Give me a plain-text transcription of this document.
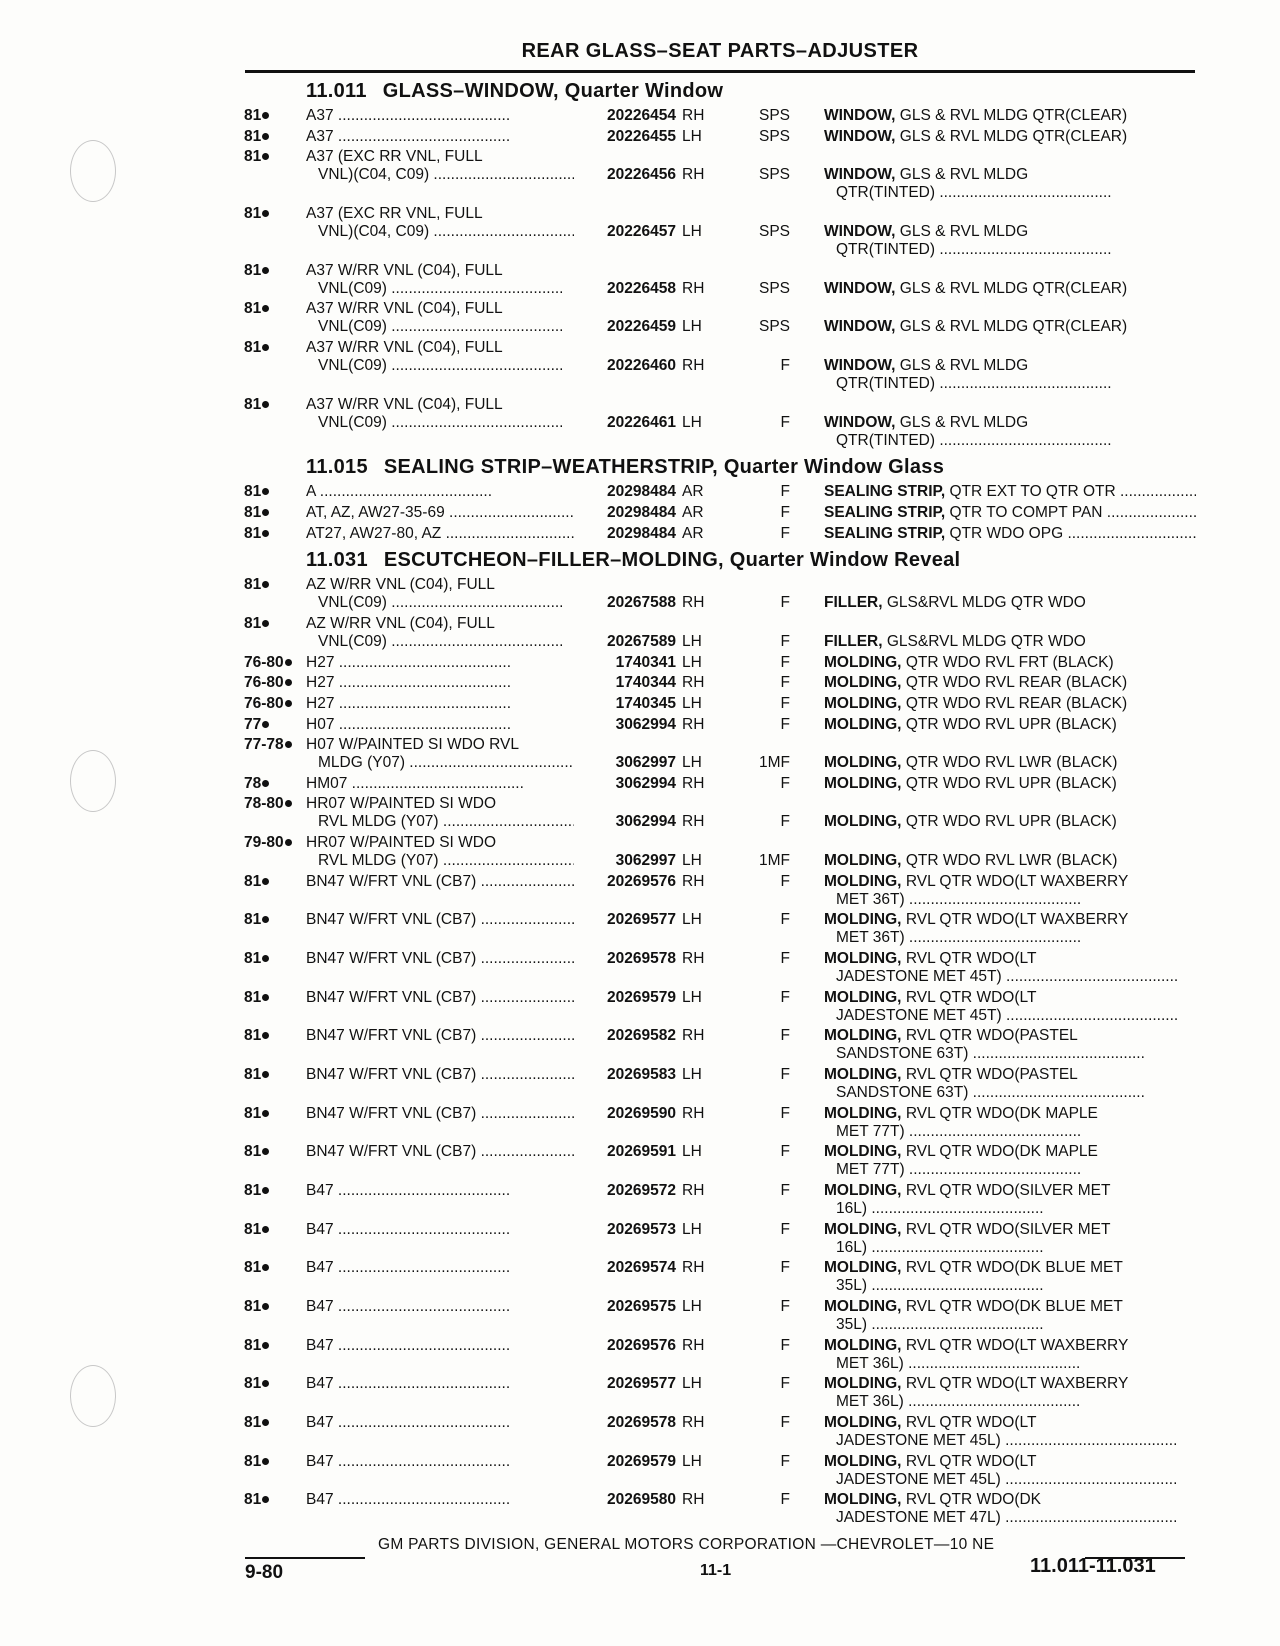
REAR GLASS–SEAT PARTS–ADJUSTER
11.011 GLASS–WINDOW, Quarter Window
81	A37 .....	20226454 RH	SPS WINDOW, GLS & RVL MLDG QTR(CLEAR)
81	A37 .....	20226455 LH	SPS WINDOW, GLS & RVL MLDG QTR(CLEAR)
81	A37 (EXC RR VNL, FULL
VNL)(C04, C09) .....	20226456 RH	SPS WINDOW, GLS & RVL MLDG
QTR(TINTED) .....
81	A37 (EXC RR VNL, FULL
VNL)(C04, C09) .....	20226457 LH	SPS WINDOW, GLS & RVL MLDG
QTR(TINTED) .....
81	A37 W/RR VNL (C04), FULL
VNL(C09) .....	20226458 RH	SPS WINDOW, GLS & RVL MLDG QTR(CLEAR)
81	A37 W/RR VNL (C04), FULL
VNL(C09) .....	20226459 LH	SPS WINDOW, GLS & RVL MLDG QTR(CLEAR)
81	A37 W/RR VNL (C04), FULL
VNL(C09) .....	20226460 RH	F WINDOW, GLS & RVL MLDG
QTR(TINTED) .....
81	A37 W/RR VNL (C04), FULL
VNL(C09) .....	20226461 LH	F WINDOW, GLS & RVL MLDG
QTR(TINTED) .....
11.015 SEALING STRIP–WEATHERSTRIP, Quarter Window Glass
81	A .....	20298484 AR	F SEALING STRIP, QTR EXT TO QTR OTR .....
81	AT, AZ, AW27-35-69 .....	20298484 AR	F SEALING STRIP, QTR TO COMPT PAN .....
81	AT27, AW27-80, AZ .....	20298484 AR	F SEALING STRIP, QTR WDO OPG .....
11.031 ESCUTCHEON–FILLER–MOLDING, Quarter Window Reveal
81	AZ W/RR VNL (C04), FULL
VNL(C09) .....	20267588 RH	F FILLER, GLS&RVL MLDG QTR WDO
81	AZ W/RR VNL (C04), FULL
VNL(C09) .....	20267589 LH	F FILLER, GLS&RVL MLDG QTR WDO
76-80	H27 .....	1740341 LH	F MOLDING, QTR WDO RVL FRT (BLACK)
76-80	H27 .....	1740344 RH	F MOLDING, QTR WDO RVL REAR (BLACK)
76-80	H27 .....	1740345 LH	F MOLDING, QTR WDO RVL REAR (BLACK)
77	H07 .....	3062994 RH	F MOLDING, QTR WDO RVL UPR (BLACK)
77-78	H07 W/PAINTED SI WDO RVL
MLDG (Y07) .....	3062997 LH	1MF MOLDING, QTR WDO RVL LWR (BLACK)
78	HM07 .....	3062994 RH	F MOLDING, QTR WDO RVL UPR (BLACK)
78-80	HR07 W/PAINTED SI WDO
RVL MLDG (Y07) .....	3062994 RH	F MOLDING, QTR WDO RVL UPR (BLACK)
79-80	HR07 W/PAINTED SI WDO
RVL MLDG (Y07) .....	3062997 LH	1MF MOLDING, QTR WDO RVL LWR (BLACK)
81	BN47 W/FRT VNL (CB7) .....	20269576 RH	F MOLDING, RVL QTR WDO(LT WAXBERRY
MET 36T) .....
81	BN47 W/FRT VNL (CB7) .....	20269577 LH	F MOLDING, RVL QTR WDO(LT WAXBERRY
MET 36T) .....
81	BN47 W/FRT VNL (CB7) .....	20269578 RH	F MOLDING, RVL QTR WDO(LT
JADESTONE MET 45T) .....
81	BN47 W/FRT VNL (CB7) .....	20269579 LH	F MOLDING, RVL QTR WDO(LT
JADESTONE MET 45T) .....
81	BN47 W/FRT VNL (CB7) .....	20269582 RH	F MOLDING, RVL QTR WDO(PASTEL
SANDSTONE 63T) .....
81	BN47 W/FRT VNL (CB7) .....	20269583 LH	F MOLDING, RVL QTR WDO(PASTEL
SANDSTONE 63T) .....
81	BN47 W/FRT VNL (CB7) .....	20269590 RH	F MOLDING, RVL QTR WDO(DK MAPLE
MET 77T) .....
81	BN47 W/FRT VNL (CB7) .....	20269591 LH	F MOLDING, RVL QTR WDO(DK MAPLE
MET 77T) .....
81	B47 .....	20269572 RH	F MOLDING, RVL QTR WDO(SILVER MET
16L) .....
81	B47 .....	20269573 LH	F MOLDING, RVL QTR WDO(SILVER MET
16L) .....
81	B47 .....	20269574 RH	F MOLDING, RVL QTR WDO(DK BLUE MET
35L) .....
81	B47 .....	20269575 LH	F MOLDING, RVL QTR WDO(DK BLUE MET
35L) .....
81	B47 .....	20269576 RH	F MOLDING, RVL QTR WDO(LT WAXBERRY
MET 36L) .....
81	B47 .....	20269577 LH	F MOLDING, RVL QTR WDO(LT WAXBERRY
MET 36L) .....
81	B47 .....	20269578 RH	F MOLDING, RVL QTR WDO(LT
JADESTONE MET 45L) .....
81	B47 .....	20269579 LH	F MOLDING, RVL QTR WDO(LT
JADESTONE MET 45L) .....
81	B47 .....	20269580 RH	F MOLDING, RVL QTR WDO(DK
JADESTONE MET 47L) .....
GM PARTS DIVISION, GENERAL MOTORS CORPORATION —CHEVROLET—10 NE
9-80	11-1	11.011-11.031
